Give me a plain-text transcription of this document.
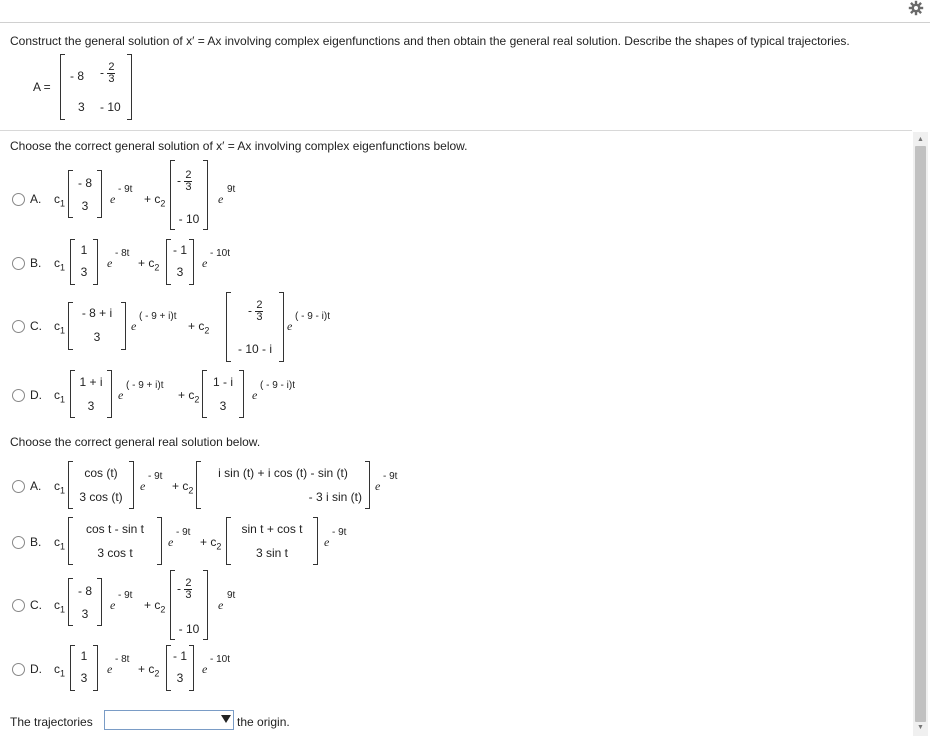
Construct the general solution of x′ = Ax involving complex eigenfunctions and then obtain the general real solution. Describe the shapes of typical trajectories.
A =
- $8 - \frac{2}{3}$
3 - 10
▲
▼
Choose the correct general solution of x′ = Ax involving complex eigenfunctions below.
A. $c_1$
- 8
3	e
- 9t
+ $c_2$
- $\frac{2}{3}$
- 10
e
9t
B. $c_1$
1
3
e
- 8t
+ $c_2$
- 1
3
e
- 10t
C. $c_1$
- 8 + i
3
e
( - 9 + i)t
+ $c_2$
- $\frac{2}{3}$
- 10 - i
e
( - 9 - i)t
D. $c_1$
1 + i
3
e
( - 9 + i)t
+ $c_2$
1 - i
3
e
( - 9 - i)t
Choose the correct general real solution below.
A. $c_1$
cos (t)
3 cos (t)
e
- 9t
+ $c_2$
i sin (t) + i cos (t) - sin (t)
- 3 i sin (t)
e
- 9t
B. $c_1$
cos t - sin t
3 cos t
e
- 9t
+ $c_2$
sin t + cos t
3 sin t
e
- 9t
C. $c_1$
- 8
3
e
- 9t
+ $c_2$
- $\frac{2}{3}$
- 10
e
9t
D. $c_1$
1
3
e
- 8t
+ $c_2$
- 1
3
e
- 10t
The trajectories	the origin.
